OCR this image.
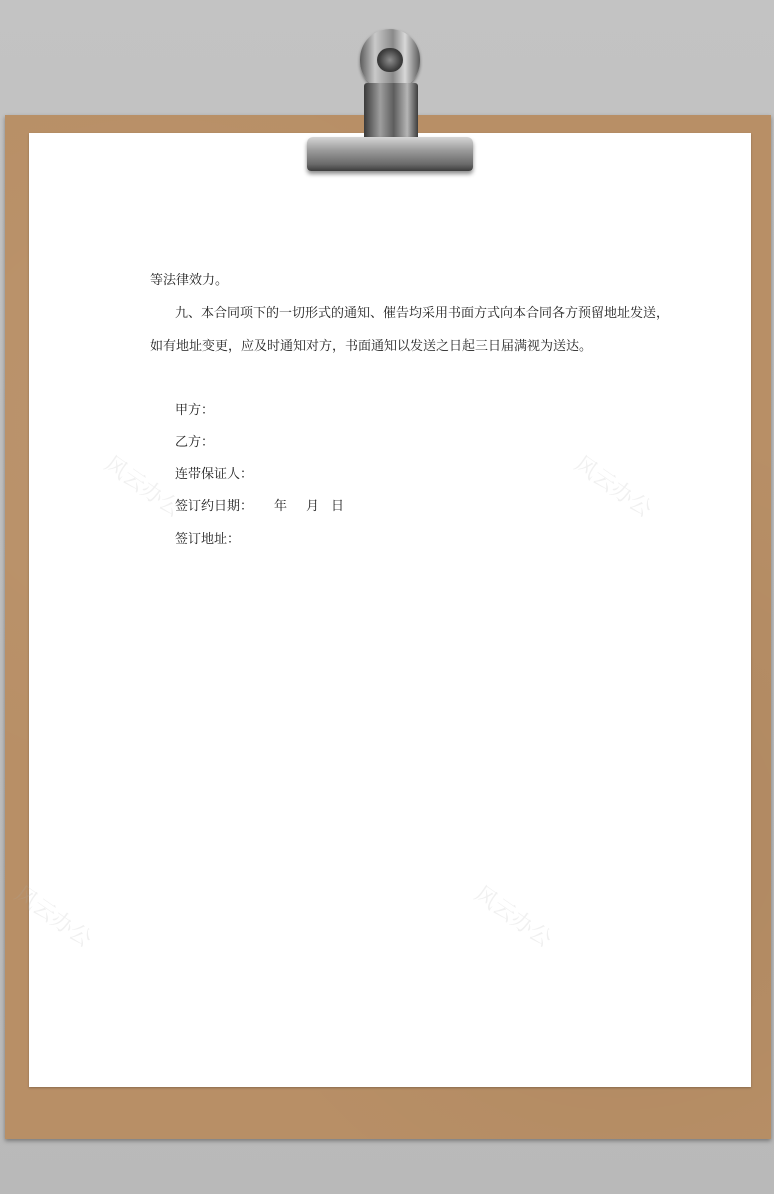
风云办公	风云办公
风云办公	风云办公
等法律效力。
九、本合同项下的一切形式的通知、催告均采用书面方式向本合同各方预留地址发送，
如有地址变更，应及时通知对方，书面通知以发送之日起三日届满视为送达。
甲方：
乙方：
连带保证人：
签订约日期： 年 月 日
签订地址：
